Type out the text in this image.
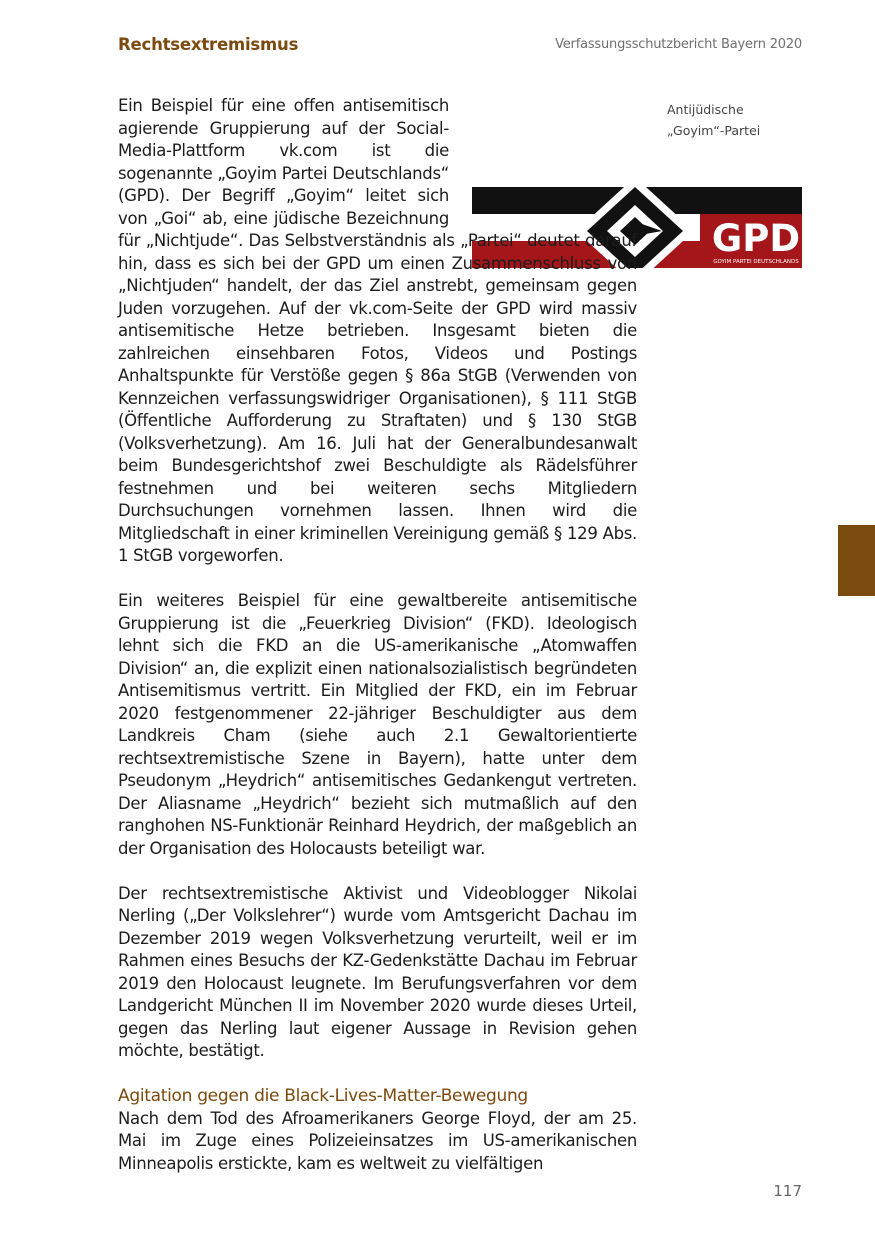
Rechtsextremismus	Verfassungsschutzbericht Bayern 2020
Antijüdische
„Goyim“-Partei
GPD
GOYIM PARTEI DEUTSCHLANDS

Ein Beispiel für eine offen antisemitisch agierende Gruppierung auf der Social-Media-Plattform vk.com ist die sogenannte „Goyim Partei Deutschlands“ (GPD). Der Begriff „Goyim“ leitet sich von „Goi“ ab, eine jüdische Bezeichnung für „Nichtjude“. Das Selbstverständnis als „Partei“ deutet darauf hin, dass es sich bei der GPD um einen Zusammenschluss von „Nichtjuden“ handelt, der das Ziel anstrebt, gemeinsam gegen Juden vorzugehen. Auf der vk.com-Seite der GPD wird massiv antisemitische Hetze betrieben. Insgesamt bieten die zahlreichen einsehbaren Fotos, Videos und Postings Anhaltspunkte für Verstöße gegen § 86a StGB (Verwenden von Kennzeichen verfassungswidriger Organisationen), § 111 StGB (Öffentliche Aufforderung zu Straftaten) und § 130 StGB (Volksverhetzung). Am 16. Juli hat der Generalbundesanwalt beim Bundesgerichtshof zwei Beschuldigte als Rädelsführer festnehmen und bei weiteren sechs Mitgliedern Durchsuchungen vornehmen lassen. Ihnen wird die Mitgliedschaft in einer kriminellen Vereinigung gemäß § 129 Abs. 1 StGB vorgeworfen.

Ein weiteres Beispiel für eine gewaltbereite antisemitische Gruppierung ist die „Feuerkrieg Division“ (FKD). Ideologisch lehnt sich die FKD an die US-amerikanische „Atomwaffen Division“ an, die explizit einen nationalsozialistisch begründeten Antisemitismus vertritt. Ein Mitglied der FKD, ein im Februar 2020 festgenommener 22-jähriger Beschuldigter aus dem Landkreis Cham (siehe auch 2.1 Gewaltorientierte rechtsextremistische Szene in Bayern), hatte unter dem Pseudonym „Heydrich“ antisemitisches Gedankengut vertreten. Der Aliasname „Heydrich“ bezieht sich mutmaßlich auf den ranghohen NS-Funktionär Reinhard Heydrich, der maßgeblich an der Organisation des Holocausts beteiligt war.

Der rechtsextremistische Aktivist und Videoblogger Nikolai Nerling („Der Volkslehrer“) wurde vom Amtsgericht Dachau im Dezember 2019 wegen Volksverhetzung verurteilt, weil er im Rahmen eines Besuchs der KZ-Gedenkstätte Dachau im Februar 2019 den Holocaust leugnete. Im Berufungsverfahren vor dem Landgericht München II im November 2020 wurde dieses Urteil, gegen das Nerling laut eigener Aussage in Revision gehen möchte, bestätigt.

Agitation gegen die Black-Lives-Matter-Bewegung

Nach dem Tod des Afroamerikaners George Floyd, der am 25. Mai im Zuge eines Polizeieinsatzes im US-amerikanischen Minneapolis erstickte, kam es weltweit zu vielfältigen

117
